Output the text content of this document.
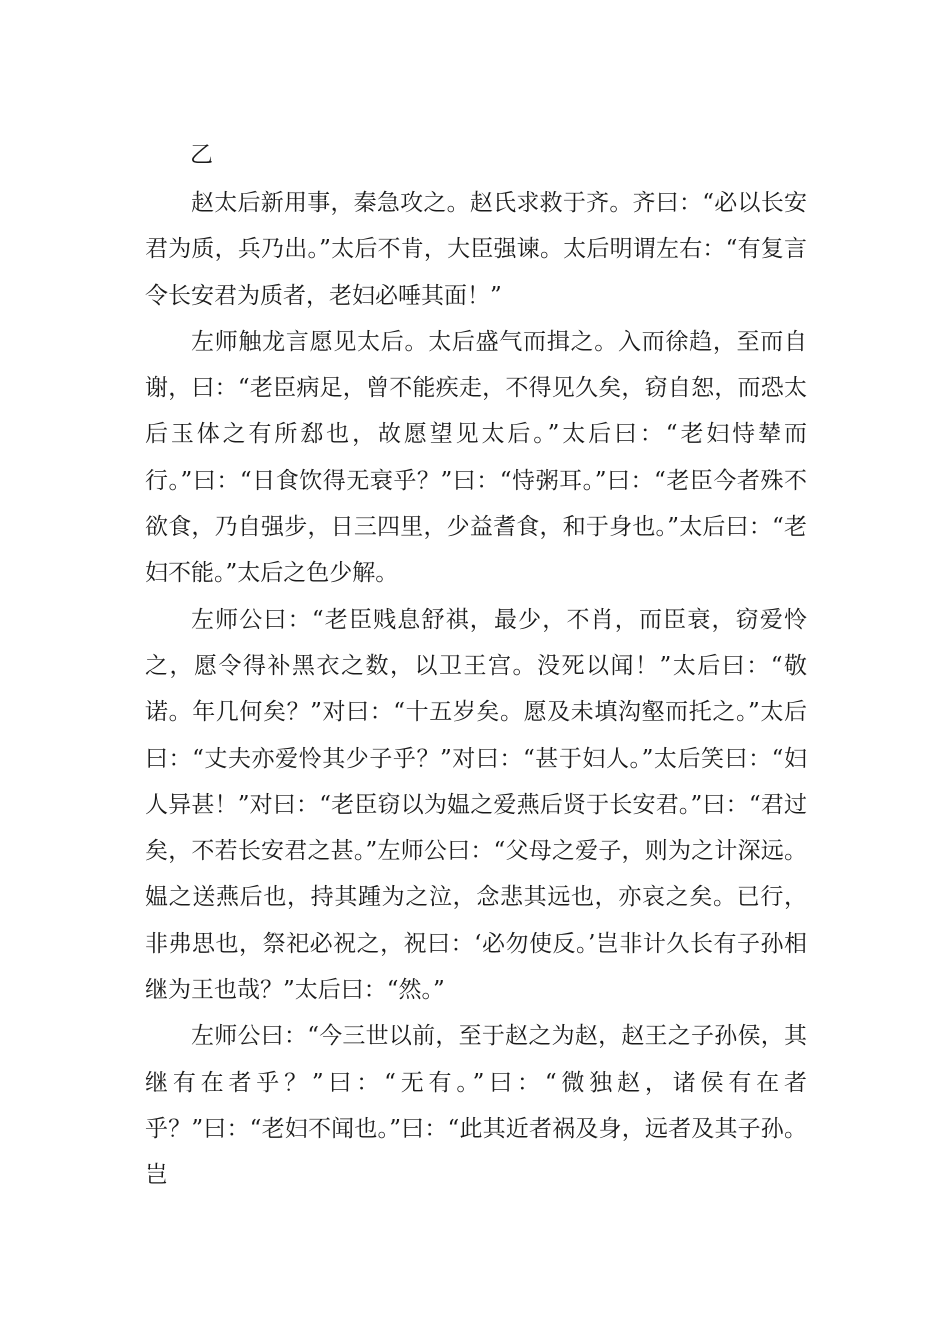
乙

赵太后新用事，秦急攻之。赵氏求救于齐。齐曰：“必以长安君为质，兵乃出。”太后不肯，大臣强谏。太后明谓左右：“有复言令长安君为质者，老妇必唾其面！”

左师触龙言愿见太后。太后盛气而揖之。入而徐趋，至而自谢，曰：“老臣病足，曾不能疾走，不得见久矣，窃自恕，而恐太后玉体之有所郄也，故愿望见太后。”太后曰：“老妇恃辇而行。”曰：“日食饮得无衰乎？”曰：“恃粥耳。”曰：“老臣今者殊不欲食，乃自强步，日三四里，少益耆食，和于身也。”太后曰：“老妇不能。”太后之色少解。

左师公曰：“老臣贱息舒祺，最少，不肖，而臣衰，窃爱怜之，愿令得补黑衣之数，以卫王宫。没死以闻！”太后曰：“敬诺。年几何矣？”对曰：“十五岁矣。愿及未填沟壑而托之。”太后曰：“丈夫亦爱怜其少子乎？”对曰：“甚于妇人。”太后笑曰：“妇人异甚！”对曰：“老臣窃以为媪之爱燕后贤于长安君。”曰：“君过矣，不若长安君之甚。”左师公曰：“父母之爱子，则为之计深远。媪之送燕后也，持其踵为之泣，念悲其远也，亦哀之矣。已行，非弗思也，祭祀必祝之，祝曰：‘必勿使反。’岂非计久长有子孙相继为王也哉？”太后曰：“然。”

左师公曰：“今三世以前，至于赵之为赵，赵王之子孙侯，其继有在者乎？”曰：“无有。”曰：“微独赵，诸侯有在者乎？”曰：“老妇不闻也。”曰：“此其近者祸及身，远者及其子孙。岂
